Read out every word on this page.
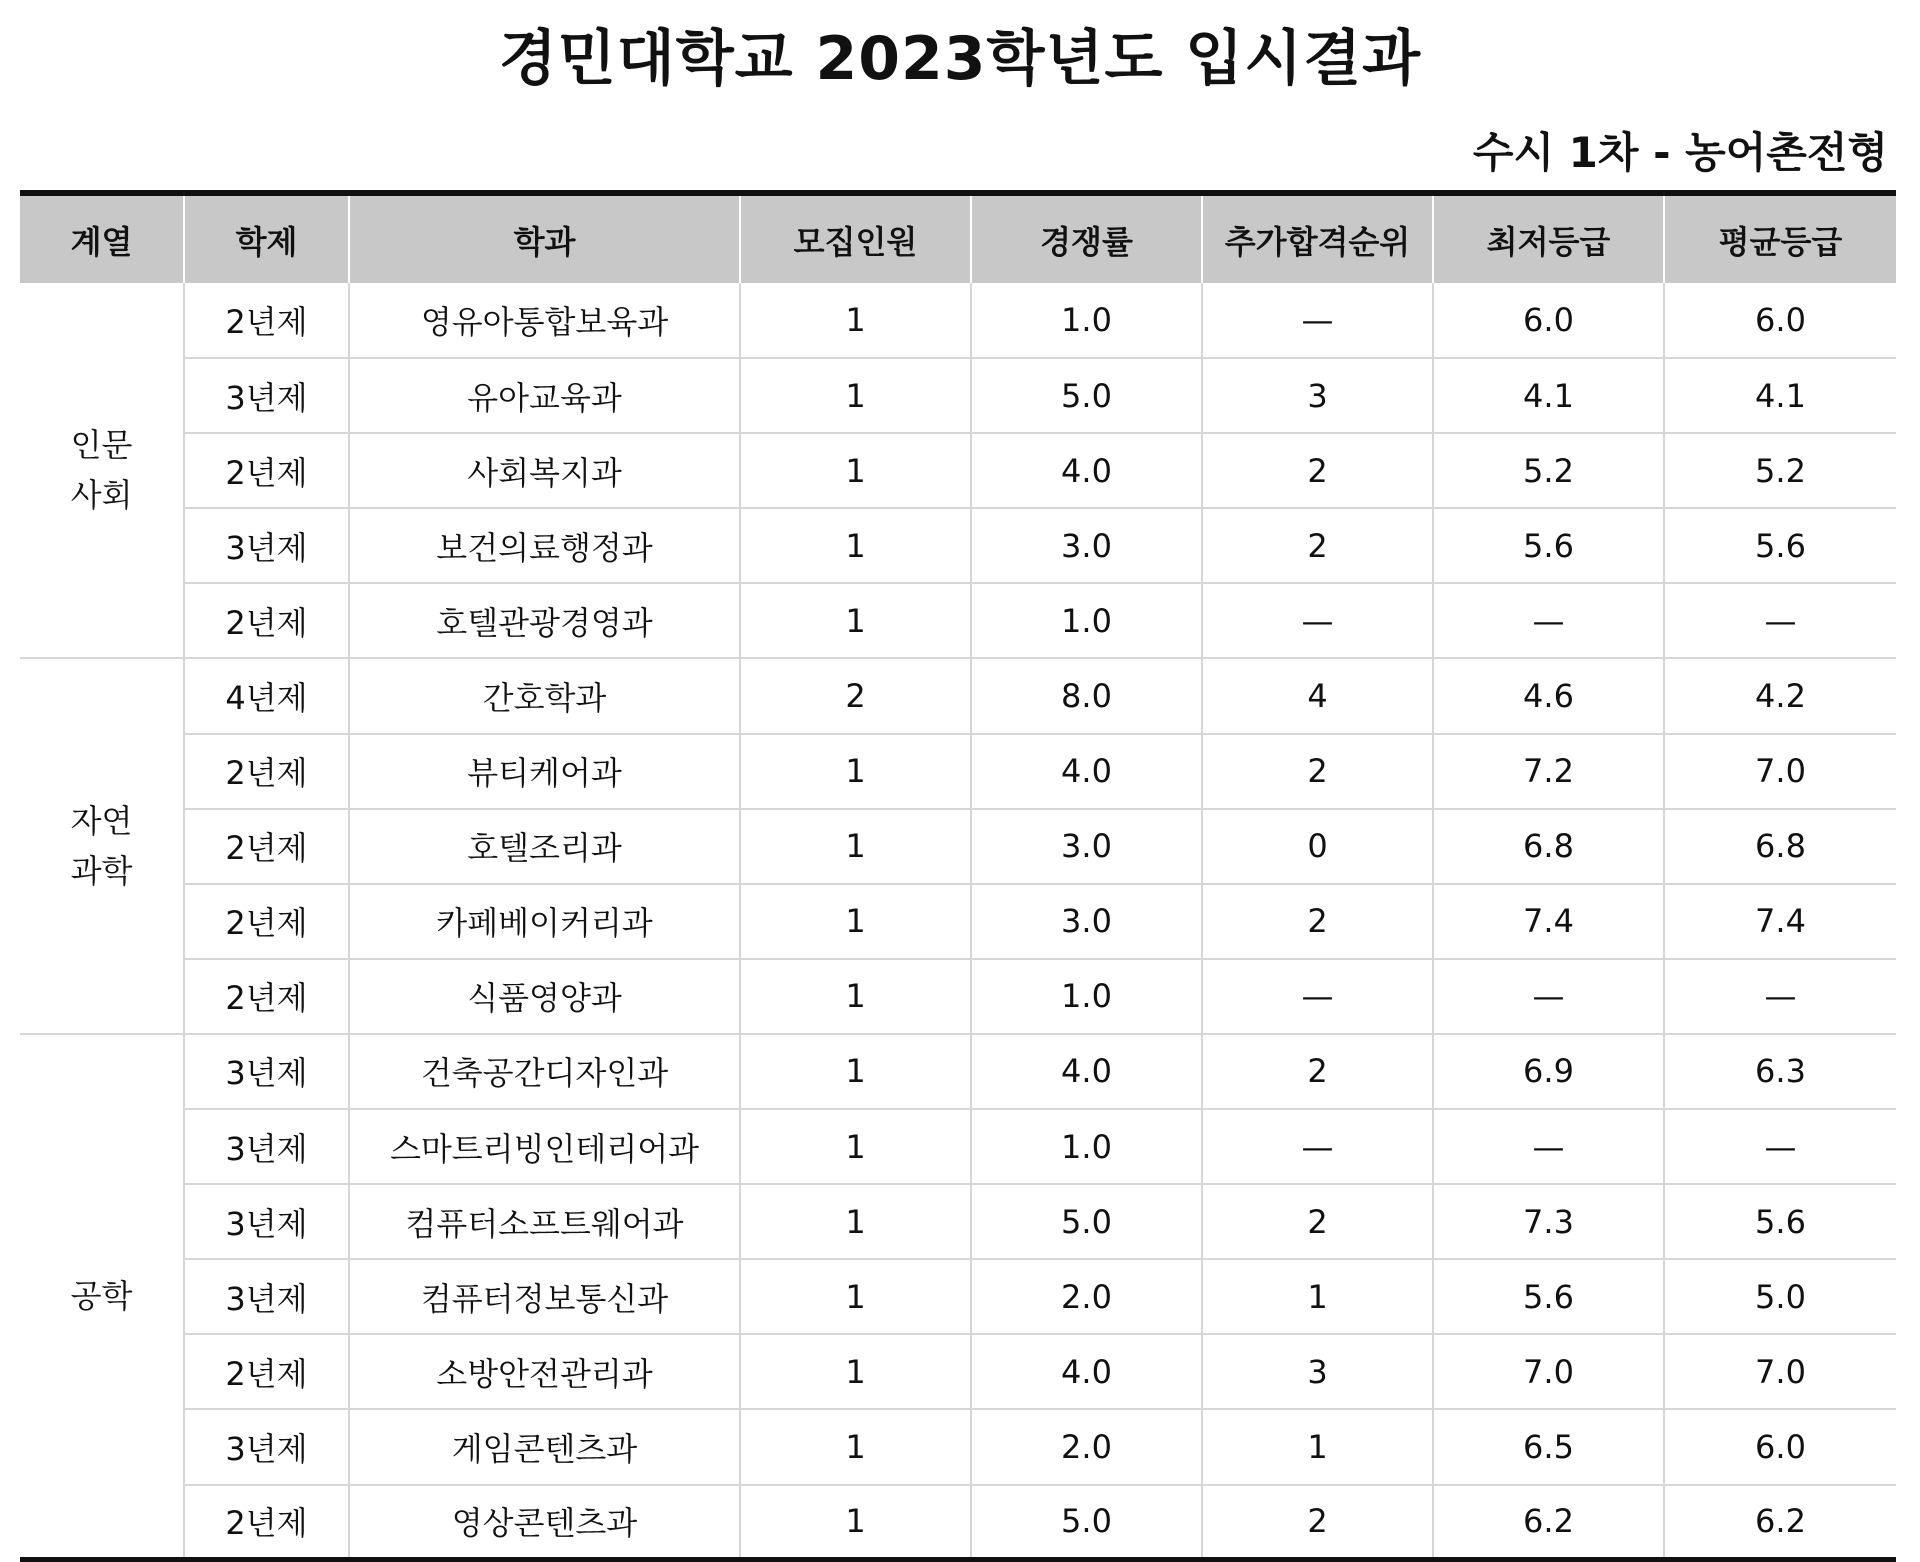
경민대학교 2023학년도 입시결과
수시 1차 - 농어촌전형
계열	학제	학과	모집인원	경쟁률	추가합격순위	최저등급	평균등급

인문
사회	2년제	영유아통합보육과	1	1.0	—	6.0	6.0
	3년제	유아교육과	1	5.0	3	4.1	4.1
	2년제	사회복지과	1	4.0	2	5.2	5.2
	3년제	보건의료행정과	1	3.0	2	5.6	5.6
	2년제	호텔관광경영과	1	1.0	—	—	—

자연
과학	4년제	간호학과	2	8.0	4	4.6	4.2
	2년제	뷰티케어과	1	4.0	2	7.2	7.0
	2년제	호텔조리과	1	3.0	0	6.8	6.8
	2년제	카페베이커리과	1	3.0	2	7.4	7.4
	2년제	식품영양과	1	1.0	—	—	—

공학	3년제	건축공간디자인과	1	4.0	2	6.9	6.3
	3년제	스마트리빙인테리어과	1	1.0	—	—	—
	3년제	컴퓨터소프트웨어과	1	5.0	2	7.3	5.6
	3년제	컴퓨터정보통신과	1	2.0	1	5.6	5.0
	2년제	소방안전관리과	1	4.0	3	7.0	7.0
	3년제	게임콘텐츠과	1	2.0	1	6.5	6.0
	2년제	영상콘텐츠과	1	5.0	2	6.2	6.2
